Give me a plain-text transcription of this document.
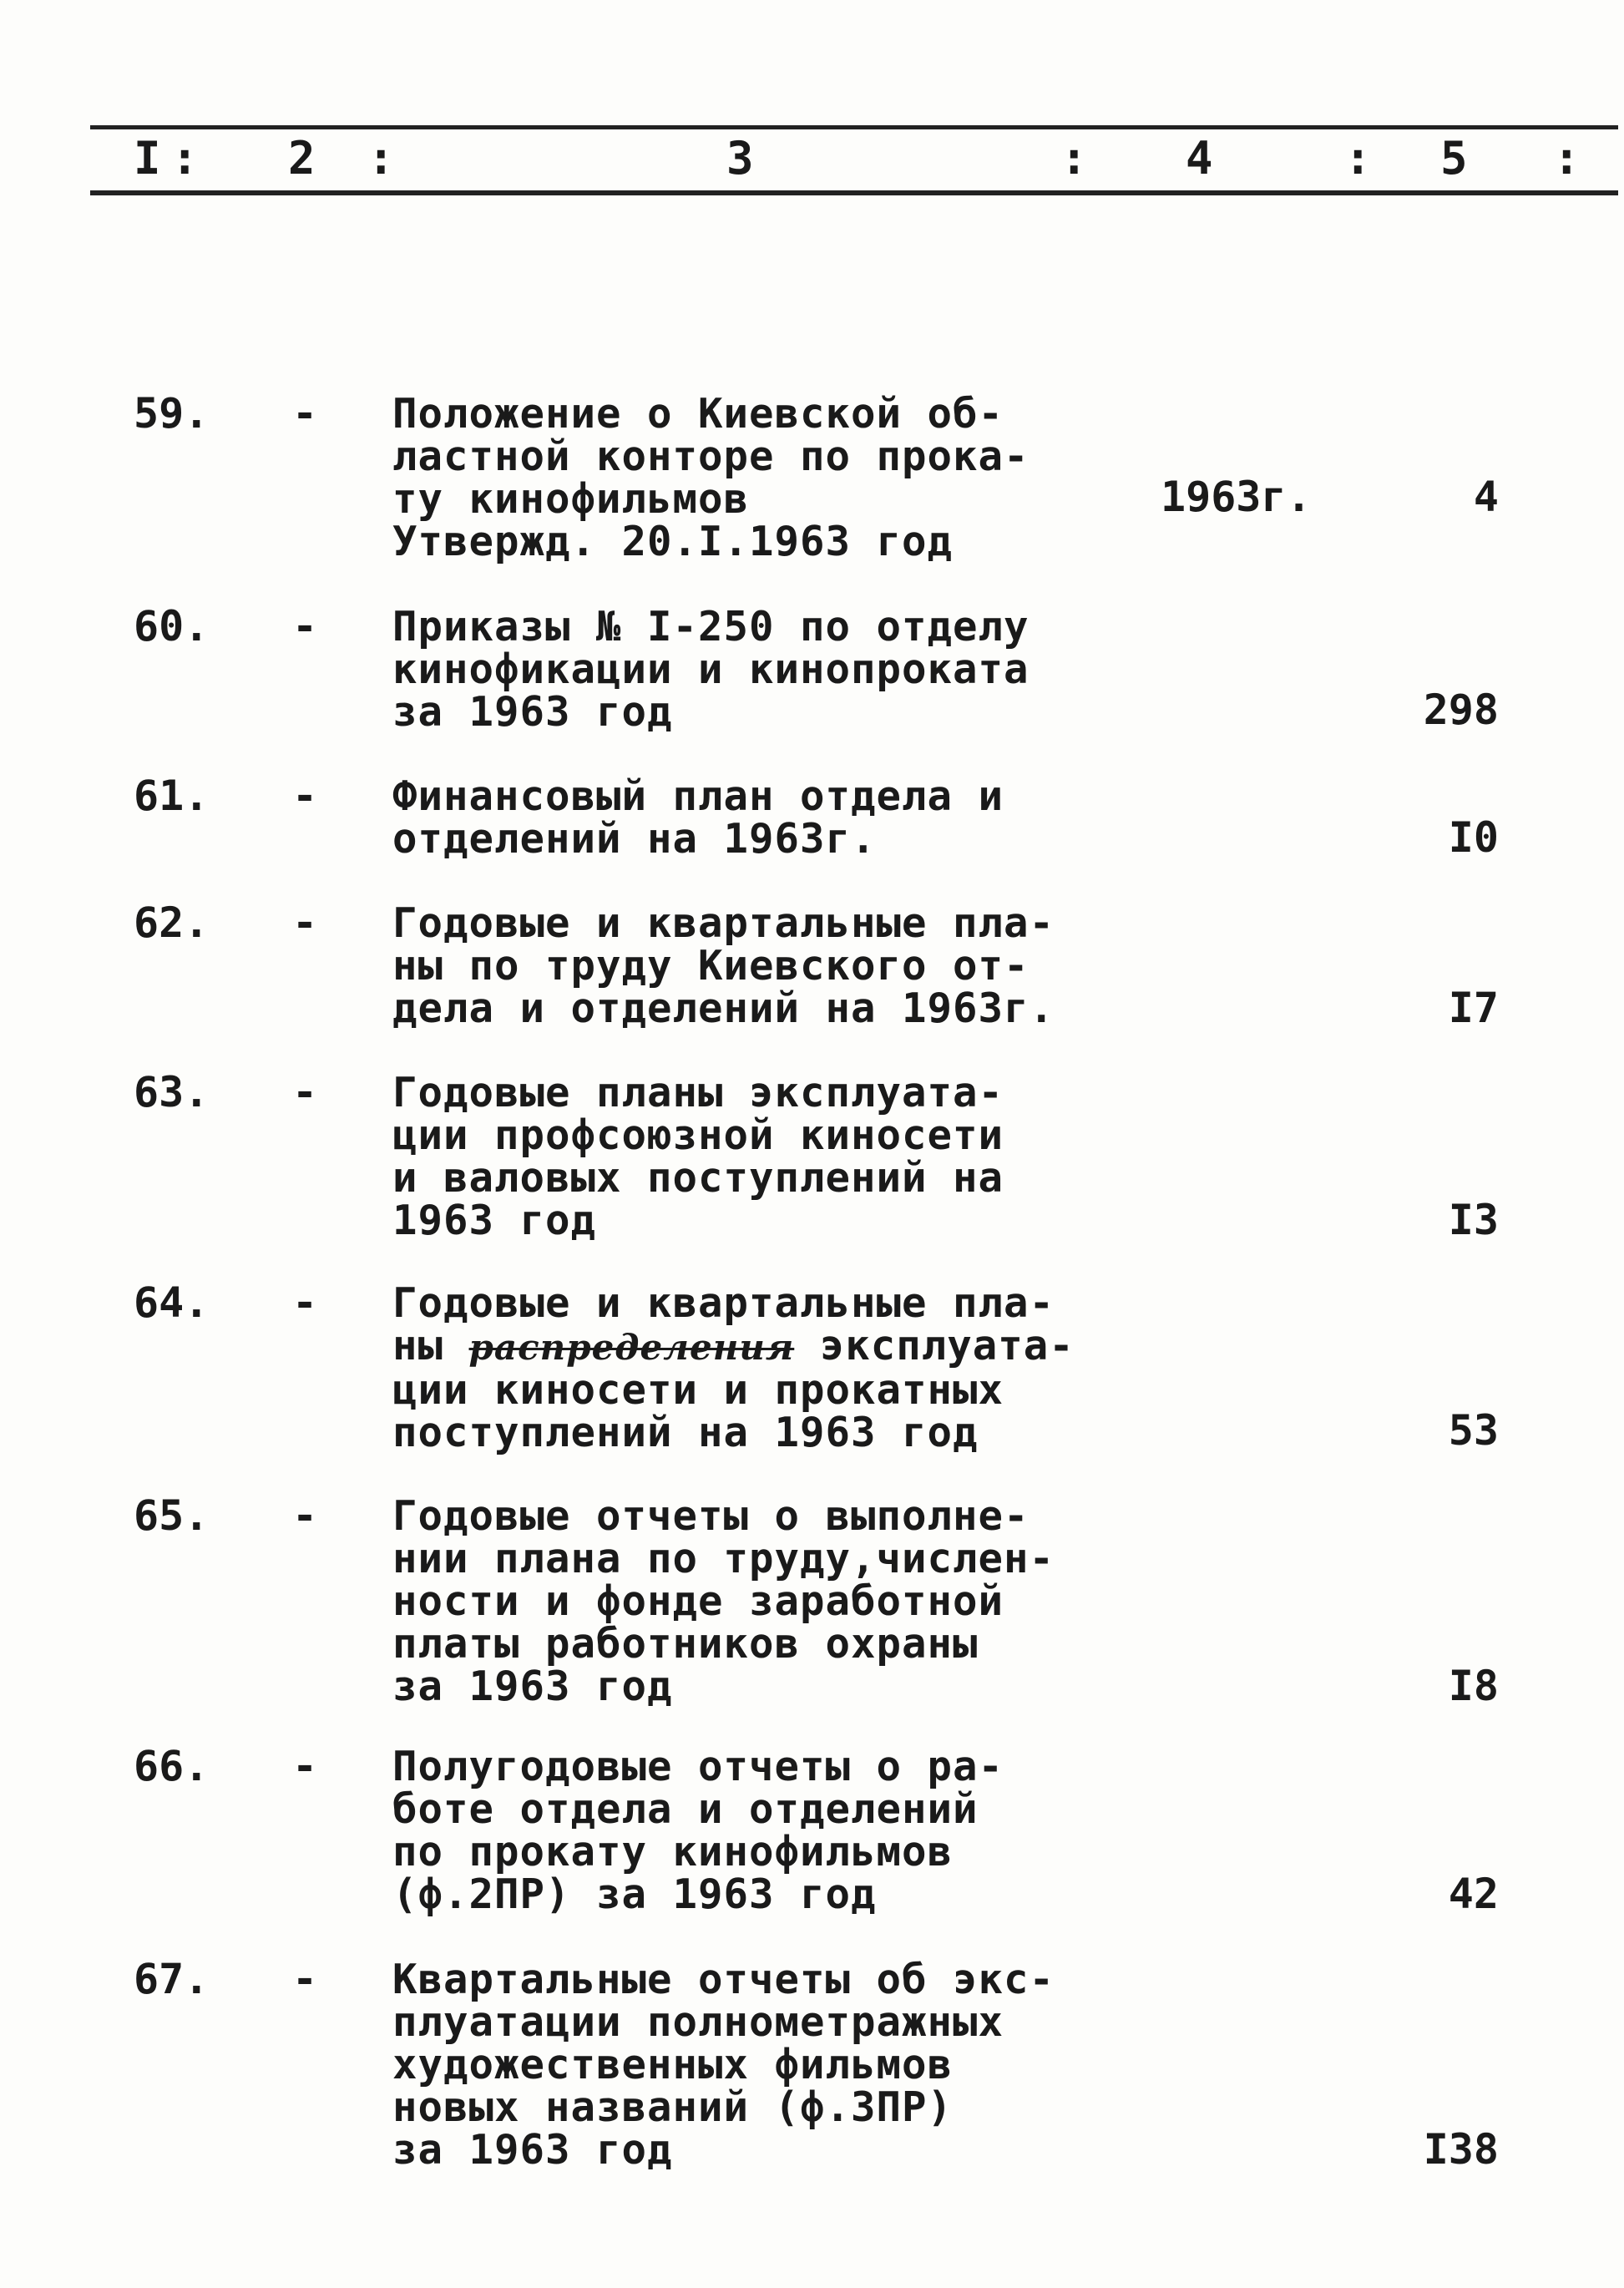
I : 2 :	3	: 4	: 5 :
59. - Положение о Киевской об-
ластной конторе по прока-
ту кинофильмов
Утвержд. 20.I.1963 год
1963г.	4
60. - Приказы № I-250 по отделу
кинофикации и кинопроката
за 1963 год	298
61. - Финансовый план отдела и
отделений на 1963г.	I0
62. - Годовые и квартальные пла-
ны по труду Киевского от-
дела и отделений на 1963г.	I7
63. - Годовые планы эксплуата-
ции профсоюзной киносети
и валовых поступлений на
1963 год	I3
64. - Годовые и квартальные пла-
ны распределения эксплуата-
ции киносети и прокатных
поступлений на 1963 год	53
65. - Годовые отчеты о выполне-
нии плана по труду,числен-
ности и фонде заработной
платы работников охраны
за 1963 год	I8
66. - Полугодовые отчеты о ра-
боте отдела и отделений
по прокату кинофильмов
(ф.2ПР) за 1963 год	42
67. - Квартальные отчеты об экс-
плуатации полнометражных
художественных фильмов
новых названий (ф.3ПР)
за 1963 год	I38
